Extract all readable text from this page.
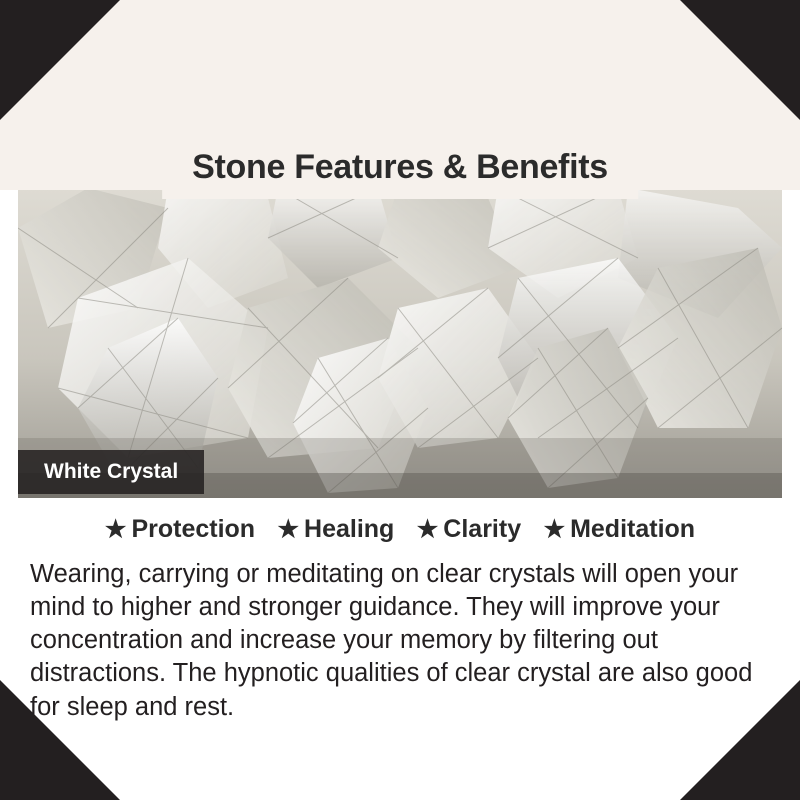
Stone Features & Benefits
White Crystal
★ Protection ★ Healing ★ Clarity ★ Meditation
Wearing, carrying or meditating on clear crystals will open your mind to higher and stronger guidance. They will improve your concentration and increase your memory by filtering out distractions. The hypnotic qualities of clear crystal are also good for sleep and rest.
